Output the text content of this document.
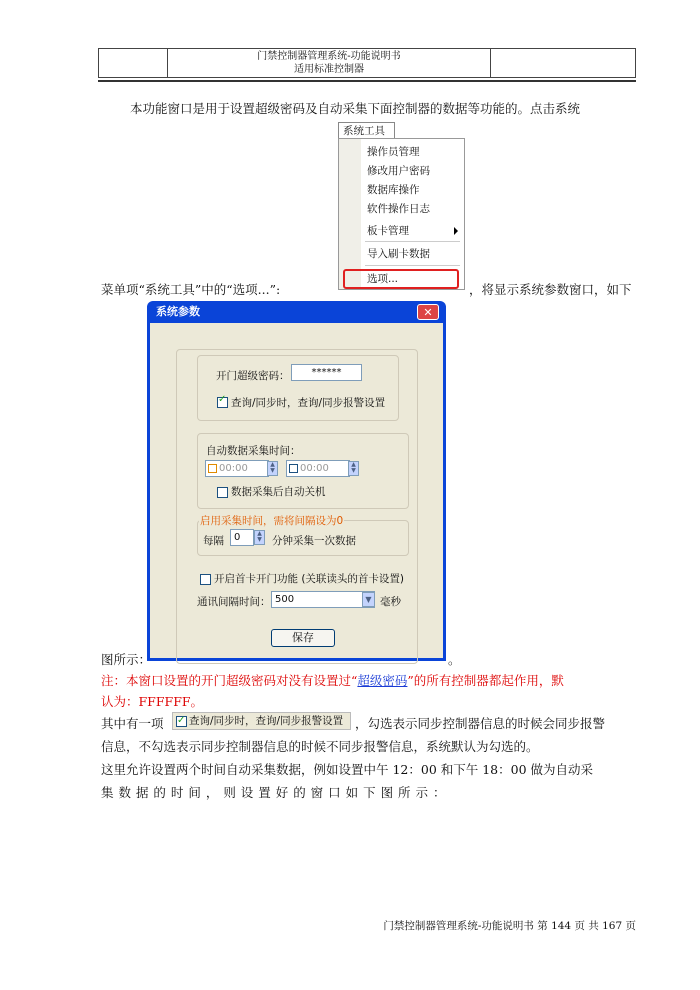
门禁控制器管理系统-功能说明书
适用标准控制器
本功能窗口是用于设置超级密码及自动采集下面控制器的数据等功能的。点击系统
系统工具
操作员管理
修改用户密码
数据库操作
软件操作日志
板卡管理
导入刷卡数据
选项...
菜单项“系统工具”中的“选项...”:	，将显示系统参数窗口，如下
系统参数	✕
开门超级密码：	******
✓
查询/同步时，查询/同步报警设置
自动数据采集时间：
00:00	▲
▼	00:00	▲
▼
数据采集后自动关机
启用采集时间，需将间隔设为0
每隔	0	▲
▼ 分钟采集一次数据
开启首卡开门功能 (关联读头的首卡设置)
通讯间隔时间： 500	▼ 毫秒
保存
图所示：	。
注：本窗口设置的开门超级密码对没有设置过“超级密码”的所有控制器都起作用，默
认为：FFFFFF。
其中有一项
✓	查询/同步时，查询/同步报警设置 ，勾选表示同步控制器信息的时候会同步报警
信息，不勾选表示同步控制器信息的时候不同步报警信息，系统默认为勾选的。
这里允许设置两个时间自动采集数据，例如设置中午 12：00 和下午 18：00 做为自动采
集 数 据 的 时 间 ， 则 设 置 好 的 窗 口 如 下 图 所 示 ：
门禁控制器管理系统-功能说明书 第 144 页 共 167 页
